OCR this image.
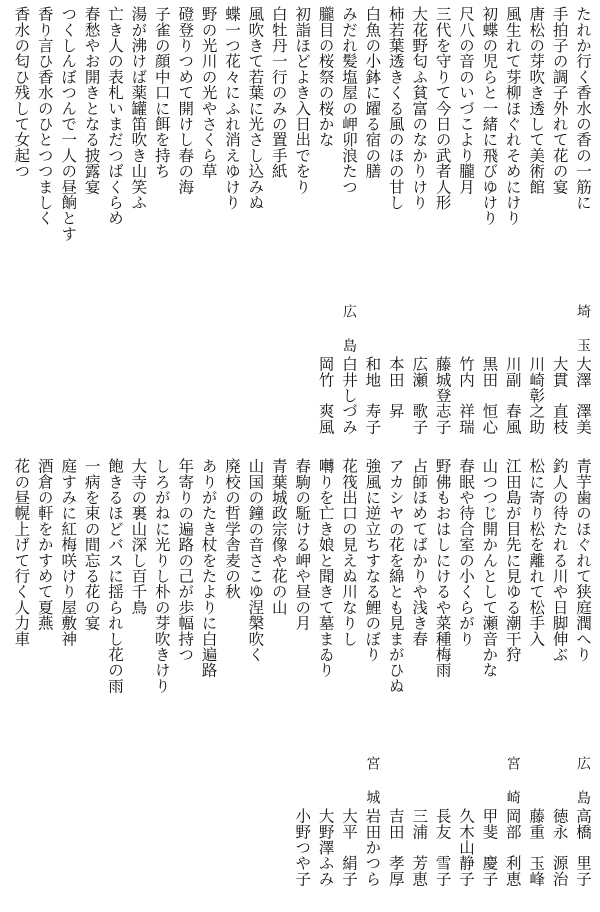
たれか行く香水の香の一筋に
埼玉
大澤　澤美
手拍子の調子外れて花の宴
大貫　直枝
唐松の芽吹き透して美術館
川崎彰之助
風生れて芽柳ほぐれそめにけり
川副　春風
初蝶の児らと一緒に飛びゆけり
黒田　恒心
尺八の音のいづこより朧月
竹内　祥瑞
三代を守りて今日の武者人形
藤城登志子
大花野匂ふ貧富のなかりけり
広瀬　歌子
柿若葉透きくる風のほの甘し
本田　昇
白魚の小鉢に躍る宿の膳
和地　寿子
みだれ髪塩屋の岬卯浪たつ
広島
白井しづみ
朧目の桜祭の桜かな
岡竹　爽風
初詣ほどよき入日出でをり
白牡丹一行のみの置手紙
風吹きて若葉に光さし込みぬ
蝶一つ花々にふれ消えゆけり
野の光川の光やさくら草
磴登りつめて開けし春の海
子雀の顔中口に餌を持ち
湯が沸けば薬罐笛吹き山笑ふ
亡き人の表札いまだつばくらめ
春愁やお開きとなる披露宴
つくしんぼつんで一人の昼餉とす
香り言ひ香水のひとつつましく
香水の匂ひ残して女起つ
青芋歯のほぐれて狭庭潤へり
広島
高橋　里子
釣人の待たれる川や日脚伸ぶ
徳永　源治
松に寄り松を離れて松手入
藤重　玉峰
江田島が目先に見ゆる潮干狩
宮崎
岡部　利恵
山つつじ開かんとして瀬音かな
甲斐　慶子
春眠や待合室の小くらがり
久木山静子
野佛もおはしにけるや菜種梅雨
長友　雪子
占師ほめてばかりや浅き春
三浦　芳恵
アカシヤの花を綿とも見まがひぬ
吉田　孝厚
強風に逆立ちすなる鯉のぼり
宮城
岩田かつら
花筏出口の見えぬ川なりし
大平　絹子
囀りを亡き娘と聞きて墓まゐり
大野澤ふみ
春駒の駈ける岬や昼の月
小野つや子
青葉城政宗像や花の山
山国の鐘の音さこゆ涅槃吹く
廃校の哲学舎麦の秋
ありがたき杖をたよりに白遍路
年寄りの遍路の己が歩幅持つ
しろがねに光りし朴の芽吹きけり
大寺の裏山深し百千鳥
飽きるほどバスに揺られし花の雨
一病を束の間忘る花の宴
庭すみに紅梅咲けり屋敷神
酒倉の軒をかすめて夏燕
花の昼幌上げて行く人力車
